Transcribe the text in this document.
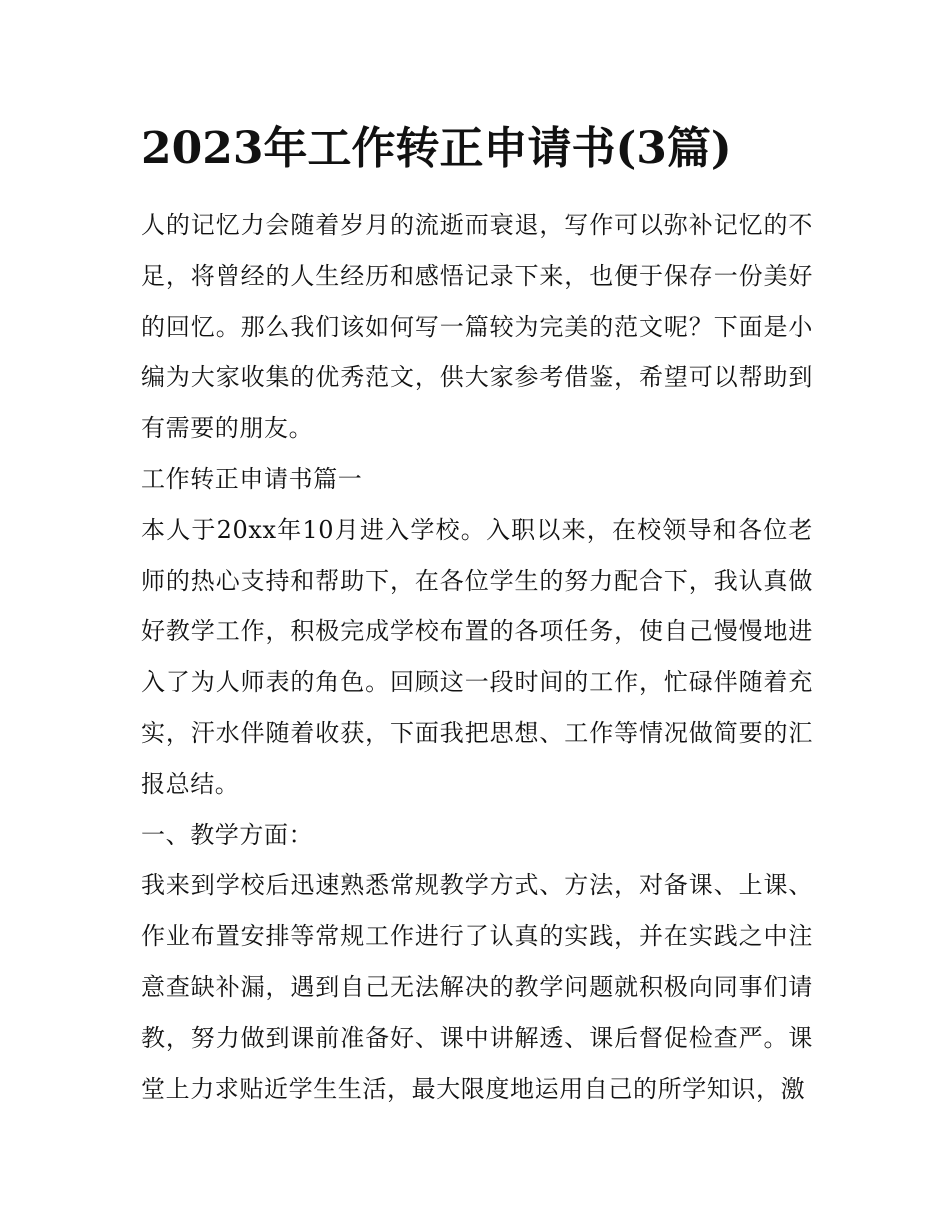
2023年工作转正申请书(3篇)

人的记忆力会随着岁月的流逝而衰退，写作可以弥补记忆的不足，将曾经的人生经历和感悟记录下来，也便于保存一份美好的回忆。那么我们该如何写一篇较为完美的范文呢？下面是小编为大家收集的优秀范文，供大家参考借鉴，希望可以帮助到有需要的朋友。

工作转正申请书篇一

本人于20xx年10月进入学校。入职以来，在校领导和各位老师的热心支持和帮助下，在各位学生的努力配合下，我认真做好教学工作，积极完成学校布置的各项任务，使自己慢慢地进入了为人师表的角色。回顾这一段时间的工作，忙碌伴随着充实，汗水伴随着收获，下面我把思想、工作等情况做简要的汇报总结。

一、教学方面：

我来到学校后迅速熟悉常规教学方式、方法，对备课、上课、作业布置安排等常规工作进行了认真的实践，并在实践之中注意查缺补漏，遇到自己无法解决的教学问题就积极向同事们请教，努力做到课前准备好、课中讲解透、课后督促检查严。课堂上力求贴近学生生活，最大限度地运用自己的所学知识，激
